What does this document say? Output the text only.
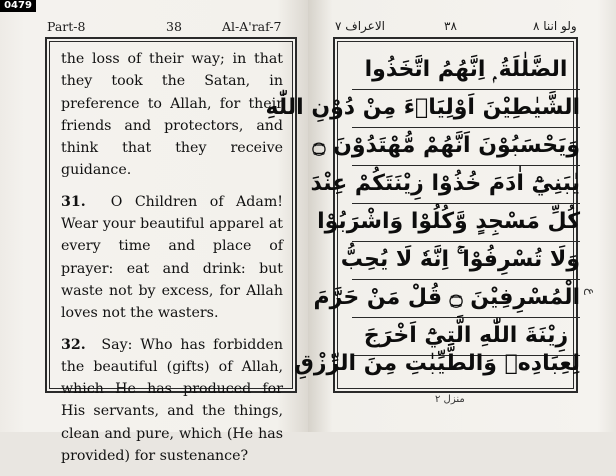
0479
Part-8	38	Al-A'raf-7

the loss of their way; in that they took the Satan, in preference to Allah, for their friends and protectors, and think that they receive guidance.

31. O Children of Adam! Wear your beautiful apparel at every time and place of prayer: eat and drink: but waste not by excess, for Allah loves not the wasters.

32. Say: Who has forbidden the beautiful (gifts) of Allah, which He has produced for His servants, and the things, clean and pure, which (He has provided) for sustenance?

الاعراف ٧	٣٨	ولو اننا ٨
الضَّلٰلَةُ ۭ اِنَّهُمُ اتَّخَذُوا
الشَّيٰطِيْنَ اَوْلِيَاۗءَ مِنْ دُوْنِ اللّٰهِ
وَيَحْسَبُوْنَ اَنَّهُمْ مُّهْتَدُوْنَ ۝
يٰبَنِيْٓ اٰدَمَ خُذُوْا زِيْنَتَكُمْ عِنْدَ
كُلِّ مَسْجِدٍ وَّكُلُوْا وَاشْرَبُوْا
وَلَا تُسْرِفُوْا ۚ اِنَّهٗ لَا يُحِبُّ
الْمُسْرِفِيْنَ ۝ قُلْ مَنْ حَرَّمَ
زِيْنَةَ اللّٰهِ الَّتِيْٓ اَخْرَجَ
لِعِبَادِهٖ وَالطَّيِّبٰتِ مِنَ الرِّزْقِ
منزل ٢
ع
